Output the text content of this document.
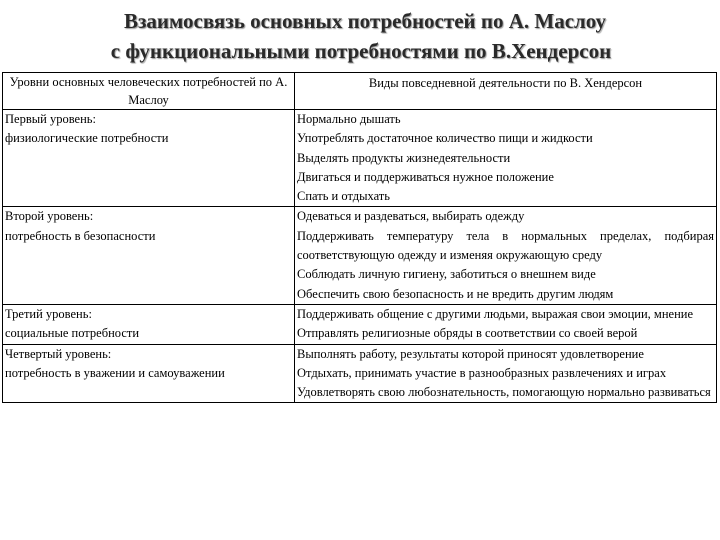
Взаимосвязь основных потребностей по А. Маслоу
с функциональными потребностями по В.Хендерсон
Уровни основных человеческих потребностей по А. Маслоу	Виды повседневной деятельности по В. Хендерсон

Первый уровень:
физиологические потребности	Нормально дышать
Употреблять достаточное количество пищи и жидкости
Выделять продукты жизнедеятельности
Двигаться и поддерживаться нужное положение
Спать и отдыхать

Второй уровень:
потребность в безопасности	Одеваться и раздеваться, выбирать одежду
Поддерживать температуру тела в нормальных пределах, подбирая соответствующую одежду и изменяя окружающую среду
Соблюдать личную гигиену, заботиться о внешнем виде
Обеспечить свою безопасность и не вредить другим людям

Третий уровень:
социальные потребности	Поддерживать общение с другими людьми, выражая свои эмоции, мнение
Отправлять религиозные обряды в соответствии со своей верой

Четвертый уровень:
потребность в уважении и самоуважении	Выполнять работу, результаты которой приносят удовлетворение
Отдыхать, принимать участие в разнообразных развлечениях и играх
Удовлетворять свою любознательность, помогающую нормально развиваться
